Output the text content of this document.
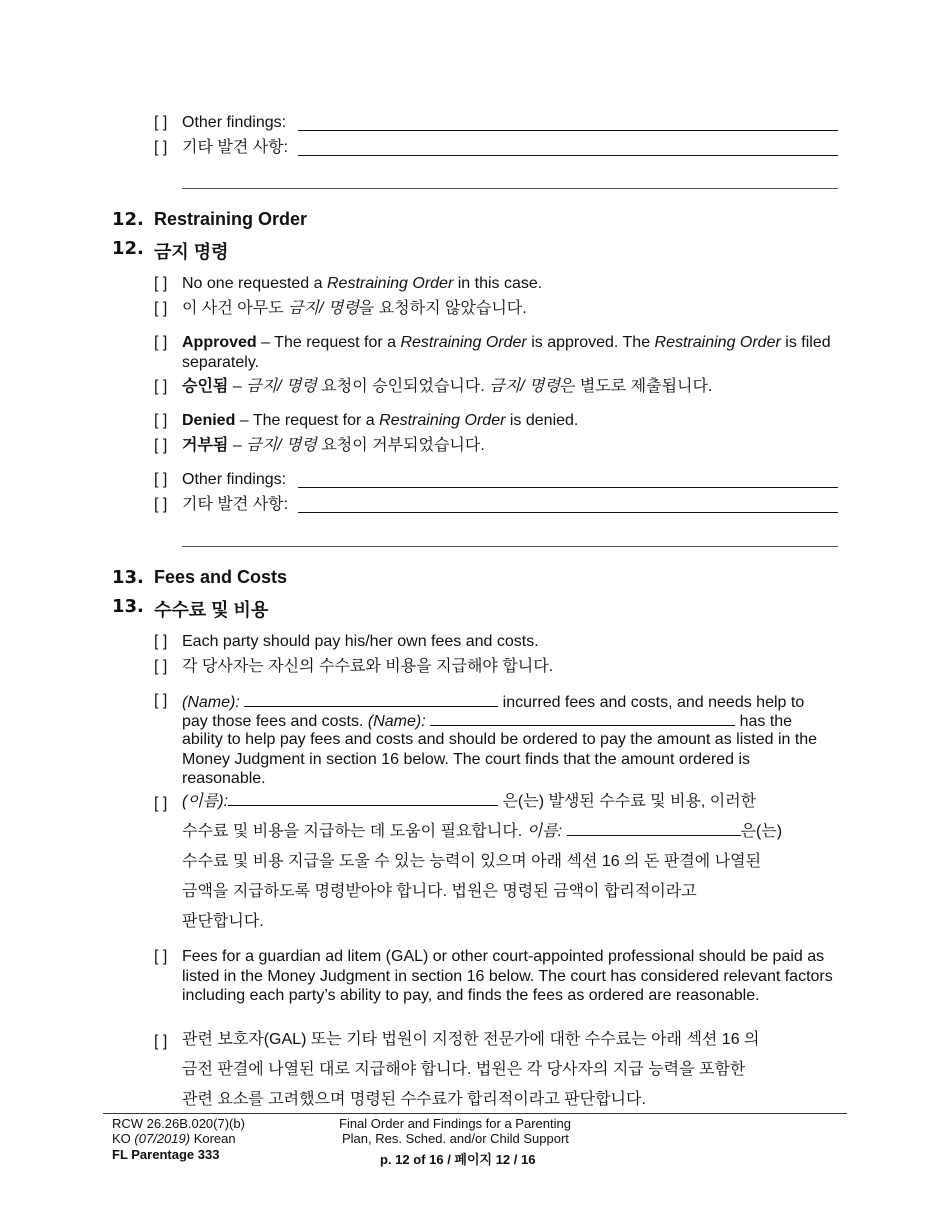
[ ] Other findings:
[ ] 기타 발견 사항:
12. Restraining Order
12. 금지 명령
[ ] No one requested a Restraining Order in this case.
[ ] 이 사건 아무도 금지/ 명령을 요청하지 않았습니다.
[ ] Approved – The request for a Restraining Order is approved. The Restraining Order is filed separately.
[ ] 승인됨 – 금지/ 명령 요청이 승인되었습니다. 금지/ 명령은 별도로 제출됩니다.
[ ] Denied – The request for a Restraining Order is denied.
[ ] 거부됨 – 금지/ 명령 요청이 거부되었습니다.
[ ] Other findings:
[ ] 기타 발견 사항:
13. Fees and Costs
13. 수수료 및 비용
[ ] Each party should pay his/her own fees and costs.
[ ] 각 당사자는 자신의 수수료와 비용을 지급해야 합니다.
[ ] (Name):	incurred fees and costs, and needs help to
pay those fees and costs. (Name):	has the
ability to help pay fees and costs and should be ordered to pay the amount as listed in the Money Judgment in section 16 below. The court finds that the amount ordered is reasonable.
[ ] (이름):	은(는) 발생된 수수료 및 비용, 이러한
수수료 및 비용을 지급하는 데 도움이 필요합니다. 이름:	은(는)
수수료 및 비용 지급을 도울 수 있는 능력이 있으며 아래 섹션 16 의 돈 판결에 나열된
금액을 지급하도록 명령받아야 합니다. 법원은 명령된 금액이 합리적이라고
판단합니다.
[ ] Fees for a guardian ad litem (GAL) or other court-appointed professional should be paid as listed in the Money Judgment in section 16 below. The court has considered relevant factors including each party’s ability to pay, and finds the fees as ordered are reasonable.
[ ] 관련 보호자(GAL) 또는 기타 법원이 지정한 전문가에 대한 수수료는 아래 섹션 16 의
금전 판결에 나열된 대로 지급해야 합니다. 법원은 각 당사자의 지급 능력을 포함한
관련 요소를 고려했으며 명령된 수수료가 합리적이라고 판단합니다.
RCW 26.26B.020(7)(b)
KO (07/2019) Korean
FL Parentage 333
Final Order and Findings for a Parenting
Plan, Res. Sched. and/or Child Support
p. 12 of 16 / 페이지 12 / 16
